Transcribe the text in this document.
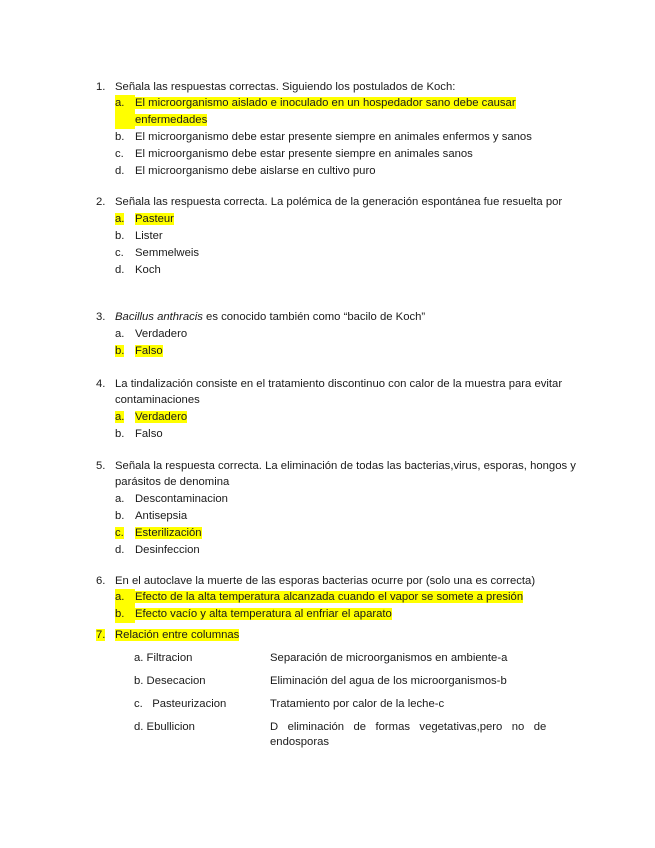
1. Señala las respuestas correctas. Siguiendo los postulados de Koch:
a. El microorganismo aislado e inoculado en un hospedador sano debe causar enfermedades
b. El microorganismo debe estar presente siempre en animales enfermos y sanos
c. El microorganismo debe estar presente siempre en animales sanos
d. El microorganismo debe aislarse en cultivo puro
2. Señala las respuesta correcta. La polémica de la generación espontánea fue resuelta por
a. Pasteur
b. Lister
c. Semmelweis
d. Koch
3. Bacillus anthracis es conocido también como “bacilo de Koch”
a. Verdadero
b. Falso
4. La tindalización consiste en el tratamiento discontinuo con calor de la muestra para evitar contaminaciones
a. Verdadero
b. Falso
5. Señala la respuesta correcta. La eliminación de todas las bacterias,virus, esporas, hongos y parásitos de denomina
a. Descontaminacion
b. Antisepsia
c. Esterilización
d. Desinfeccion
6. En el autoclave la muerte de las esporas bacterias ocurre por (solo una es correcta)
a. Efecto de la alta temperatura alcanzada cuando el vapor se somete a presión
b. Efecto vacío y alta temperatura al enfriar el aparato
7. Relación entre columnas
a. Filtracion	Separación de microorganismos en ambiente-a
b. Desecacion	Eliminación del agua de los microorganismos-b
c.   Pasteurizacion	Tratamiento por calor de la leche-c
d. Ebullicion	D   eliminación   de   formas   vegetativas,pero   no   de
endosporas
